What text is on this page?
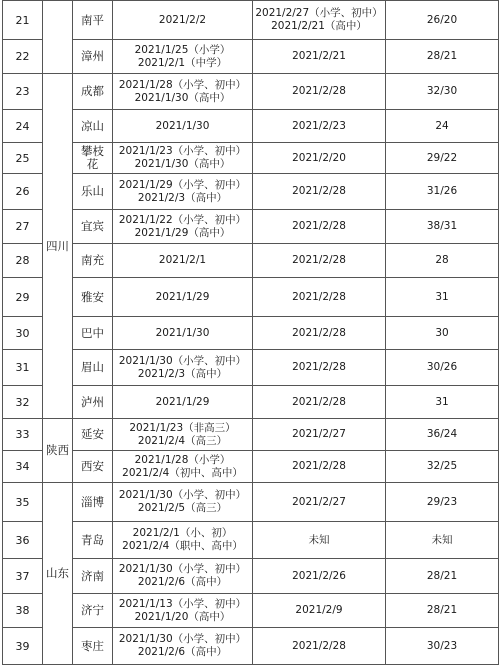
21		南平	2021/2/2	2021/2/27（小学、初中）
2021/2/21（高中）	26/20
22		漳州	2021/1/25（小学）
2021/2/1（中学）	2021/2/21	28/21
23	四川	成都	2021/1/28（小学、初中）
2021/1/30（高中）	2021/2/28	32/30
24		凉山	2021/1/30	2021/2/23	24
25		攀枝
花	2021/1/23（小学、初中）
2021/1/30（高中）	2021/2/20	29/22
26		乐山	2021/1/29（小学、初中）
2021/2/3（高中）	2021/2/28	31/26
27		宜宾	2021/1/22（小学、初中）
2021/1/29（高中）	2021/2/28	38/31
28		南充	2021/2/1	2021/2/28	28
29		雅安	2021/1/29	2021/2/28	31
30		巴中	2021/1/30	2021/2/28	30
31		眉山	2021/1/30（小学、初中）
2021/2/3（高中）	2021/2/28	30/26
32		泸州	2021/1/29	2021/2/28	31
33	陕西	延安	2021/1/23（非高三）
2021/2/4（高三）	2021/2/27	36/24
34		西安	2021/1/28（小学）
2021/2/4（初中、高中）	2021/2/28	32/25
35	山东	淄博	2021/1/30（小学、初中）
2021/2/5（高三）	2021/2/27	29/23
36		青岛	2021/2/1（小、初）
2021/2/4（职中、高中）	未知	未知
37		济南	2021/1/30（小学、初中）
2021/2/6（高中）	2021/2/26	28/21
38		济宁	2021/1/13（小学、初中）
2021/1/20（高中）	2021/2/9	28/21
39		枣庄	2021/1/30（小学、初中）
2021/2/6（高中）	2021/2/28	30/23
